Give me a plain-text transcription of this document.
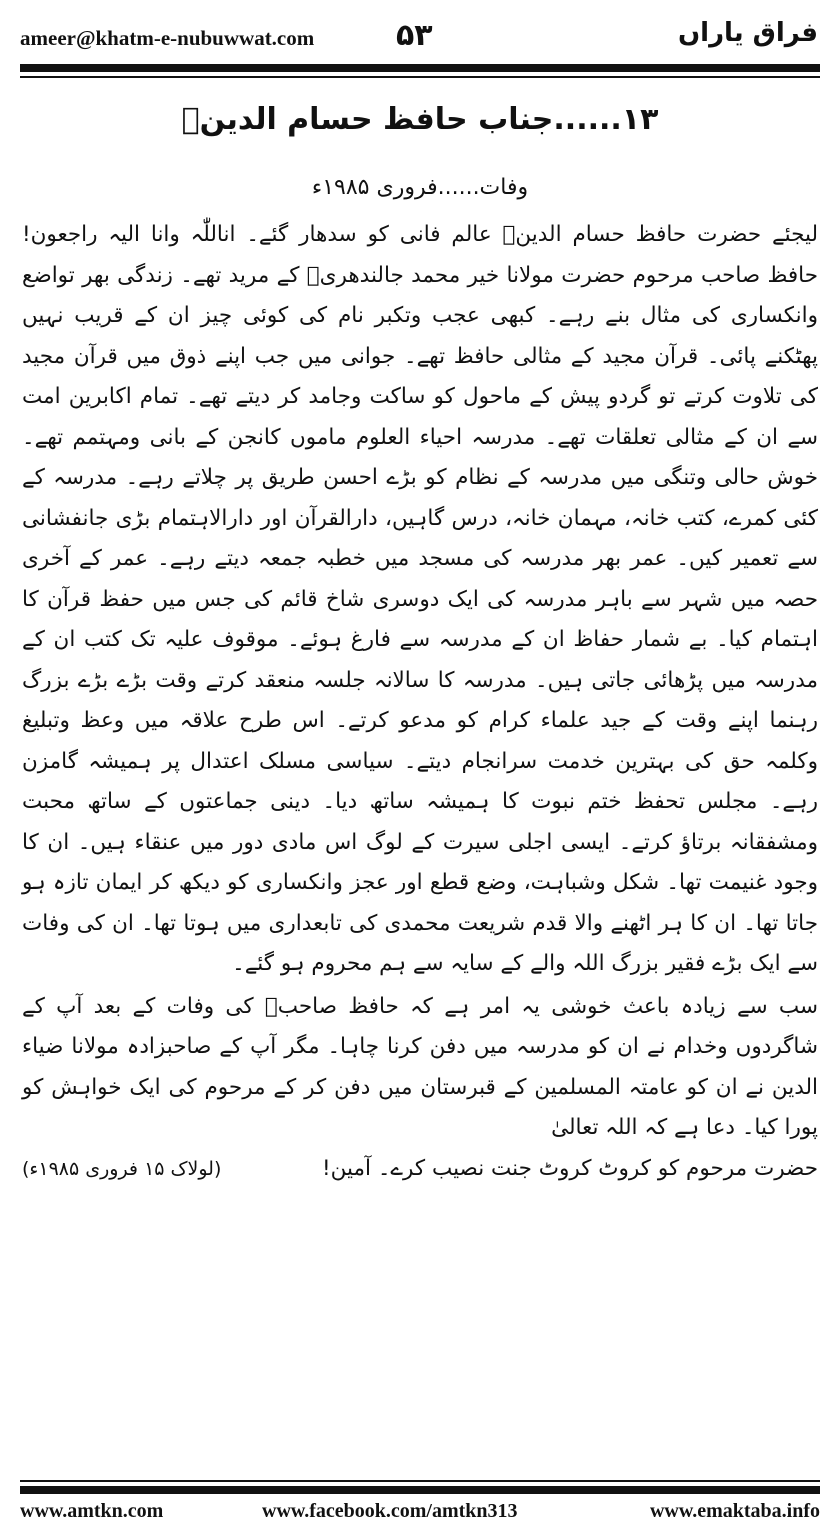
ameer@khatm-e-nubuwwat.com	۵۳	فراق یاراں
۱۳......جناب حافظ حسام الدینؒ
وفات......فروری ۱۹۸۵ء

لیجئے حضرت حافظ حسام الدینؒ عالم فانی کو سدھار گئے۔ اناللّٰہ وانا الیہ راجعون! حافظ صاحب مرحوم حضرت مولانا خیر محمد جالندھریؒ کے مرید تھے۔ زندگی بھر تواضع وانکساری کی مثال بنے رہے۔ کبھی عجب وتکبر نام کی کوئی چیز ان کے قریب نہیں پھٹکنے پائی۔ قرآن مجید کے مثالی حافظ تھے۔ جوانی میں جب اپنے ذوق میں قرآن مجید کی تلاوت کرتے تو گردو پیش کے ماحول کو ساکت وجامد کر دیتے تھے۔ تمام اکابرین امت سے ان کے مثالی تعلقات تھے۔ مدرسہ احیاء العلوم ماموں کانجن کے بانی ومہتمم تھے۔ خوش حالی وتنگی میں مدرسہ کے نظام کو بڑے احسن طریق پر چلاتے رہے۔ مدرسہ کے کئی کمرے، کتب خانہ، مہمان خانہ، درس گاہیں، دارالقرآن اور دارالاہتمام بڑی جانفشانی سے تعمیر کیں۔ عمر بھر مدرسہ کی مسجد میں خطبہ جمعہ دیتے رہے۔ عمر کے آخری حصہ میں شہر سے باہر مدرسہ کی ایک دوسری شاخ قائم کی جس میں حفظ قرآن کا اہتمام کیا۔ بے شمار حفاظ ان کے مدرسہ سے فارغ ہوئے۔ موقوف علیہ تک کتب ان کے مدرسہ میں پڑھائی جاتی ہیں۔ مدرسہ کا سالانہ جلسہ منعقد کرتے وقت بڑے بڑے بزرگ رہنما اپنے وقت کے جید علماء کرام کو مدعو کرتے۔ اس طرح علاقہ میں وعظ وتبلیغ وکلمہ حق کی بہترین خدمت سرانجام دیتے۔ سیاسی مسلک اعتدال پر ہمیشہ گامزن رہے۔ مجلس تحفظ ختم نبوت کا ہمیشہ ساتھ دیا۔ دینی جماعتوں کے ساتھ محبت ومشفقانہ برتاؤ کرتے۔ ایسی اجلی سیرت کے لوگ اس مادی دور میں عنقاء ہیں۔ ان کا وجود غنیمت تھا۔ شکل وشباہت، وضع قطع اور عجز وانکساری کو دیکھ کر ایمان تازہ ہو جاتا تھا۔ ان کا ہر اٹھنے والا قدم شریعت محمدی کی تابعداری میں ہوتا تھا۔ ان کی وفات سے ایک بڑے فقیر بزرگ اللہ والے کے سایہ سے ہم محروم ہو گئے۔

سب سے زیادہ باعث خوشی یہ امر ہے کہ حافظ صاحبؒ کی وفات کے بعد آپ کے شاگردوں وخدام نے ان کو مدرسہ میں دفن کرنا چاہا۔ مگر آپ کے صاحبزادہ مولانا ضیاء الدین نے ان کو عامتہ المسلمین کے قبرستان میں دفن کر کے مرحوم کی ایک خواہش کو پورا کیا۔ دعا ہے کہ اللہ تعالیٰ

حضرت مرحوم کو کروٹ کروٹ جنت نصیب کرے۔ آمین!
(لولاک ۱۵ فروری ۱۹۸۵ء)
www.amtkn.com	www.facebook.com/amtkn313	www.emaktaba.info
